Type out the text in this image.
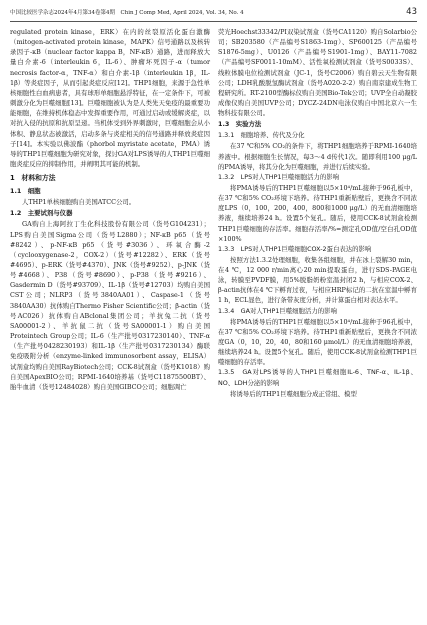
中国比较医学杂志2024年4月第34卷第4期　Chin J Comp Med, April 2024, Vol. 34, No. 4	43

regulated protein kinase，ERK）在内的丝裂原活化蛋白激酶（mitogen-activated protein kinase，MAPK）信号通路以及核转录因子-κB（nuclear factor kappa B，NF-κB）通路，进而释放大量白介素-6（interleukin 6，IL-6）、肿瘤坏死因子-α（tumor necrosis factor-α，TNF-α）和白介素-1β（interleukin 1β，IL-1β）等炎症因子，从而引起炎症反应[12]。THP1细胞，来源于急性单核细胞性白血病患者，具有球形单细胞悬浮特征，在一定条件下，可被刺激分化为巨噬细胞[13]。巨噬细胞被认为是人类先天免疫的最重要功能细胞，在维持机体稳态中发挥重要作用，可通过启动或缓解炎症，以对抗入侵的抗原和抗原呈递。当机体受到外界刺激时，巨噬细胞会从小体积、静息状态被激活，启动多条与炎症相关的信号通路并释放炎症因子[14]。本实验以佛波酯（phorbol myristate acetate，PMA）诱导的THP1巨噬细胞为研究对象，探讨GA对LPS诱导的人THP1巨噬细胞炎症反应的抑制作用，并阐明其可能的机制。

1　材料和方法
1.1　细胞

人THP1单核细胞购自美国ATCC公司。

1.2　主要试剂与仪器

GA购自上海阿拉丁生化科技股份有限公司（货号G104231）；LPS购自美国Sigma公司（货号L2880）；NF-κB p65（货号#8242）、p-NF-κB p65（货号#3036）、环氧合酶-2（cyclooxygenase-2，COX-2）（货号#12282）、ERK（货号#4695）、p-ERK（货号#4370）、JNK（货号#9252）、p-JNK（货号#4668）、P38（货号#8690）、p-P38（货号#9216）、Gasdermin D（货号#93709）、IL-1β（货号#12703）均购自美国CST公司；NLRP3（货号3840AA01）、Caspase-1（货号3840AA30）抗体购自Thermo Fisher Scientific公司；β-actin（货号AC026）抗体购自ABclonal集团公司；羊抗兔二抗（货号SA00001-2）、羊抗鼠二抗（货号SA00001-1）购自美国Proteintech Group公司；IL-6（生产批号0317230140）、TNF-α（生产批号0428230193）和IL-1β（生产批号0317230134）酶联免疫吸附分析（enzyme-linked immunosorbent assay，ELISA）试剂盒均购自美国RayBiotech公司；CCK-8试剂盒（货号K1018）购自美国ApexBIO公司；RPMI-1640培养基（货号C11875500BT）、胎牛血清（货号12484028）购自美国GIBCO公司；细胞凋亡

荧光Hoechst33342/PI双染试剂盒（货号CA1120）购自Solarbio公司；SB203580（产品编号S1863-1mg）、SP600125（产品编号S1876-5mg）、U0126（产品编号S1901-1mg）、BAY11-7082（产品编号SF0011-10mM）、活性氧检测试剂盒（货号S0033S）、线粒体膜电位检测试剂盒（JC-1，货号C2006）购自碧云天生物有限公司；LDH乳酸脱氢酶试剂盒（货号A020-2-2）购自南京建成生物工程研究所。RT-2100型酶标仪购自美国Bio-Tek公司；UVP全自动凝胶成像仪购自美国UVP公司；DYCZ-24DN电泳仪购自中国北京六一生物科技有限公司。

1.3　实验方法
1.3.1　细胞培养、传代及分化

在37 ℃和5% CO₂的条件下，将THP1细胞培养于RPMI-1640培养液中。根据细胞生长情况，每3～4 d传代1次。随即利用100 μg/L的PMA诱导，将其分化为巨噬细胞，并进行后续实验。

1.3.2　LPS对人THP1巨噬细胞活力的影响

将PMA诱导后的THP1巨噬细胞以5×10⁴/mL接种于96孔板中，在37 ℃和5% CO₂环境下培养。待THP1重新贴壁后，更换含不同浓度LPS（0，100，200，400，800和1000 μg/L）的无血清细胞培养液，继续培养24 h。设置5个复孔。随后，使用CCK-8试剂盒检测THP1巨噬细胞的存活率。细胞存活率/%=测定孔OD值/空白孔OD值×100%

1.3.3　LPS对人THP1巨噬细胞COX-2蛋白表达的影响

按照方法1.3.2处理细胞，收集各组细胞，并在冰上裂解30 min，在4 ℃，12 000 r/min离心20 min提取蛋白，进行SDS-PAGE电泳，转膜至PVDF膜，用5%脱脂奶粉室温封闭2 h，与相应COX-2、β-actin抗体在4 ℃下孵育过夜，与相应HRP标记的二抗在室温中孵育1 h，ECL显色，进行条带灰度分析，并计算蛋白相对表达水平。

1.3.4　GA对人THP1巨噬细胞活力的影响

将PMA诱导后的THP1巨噬细胞以5×10⁴/mL接种于96孔板中，在37 ℃和5% CO₂环境下培养。待THP1重新贴壁后，更换含不同浓度GA（0，10，20，40，80和160 μmol/L）的无血清细胞培养液，继续培养24 h。设置5个复孔。随后，使用CCK-8试剂盒检测THP1巨噬细胞的存活率。

1.3.5　GA对LPS诱导的人THP1巨噬细胞IL-6、TNF-α、IL-1β、NO、LDH分泌的影响

将诱导后的THP1巨噬细胞分成正常组、模型
